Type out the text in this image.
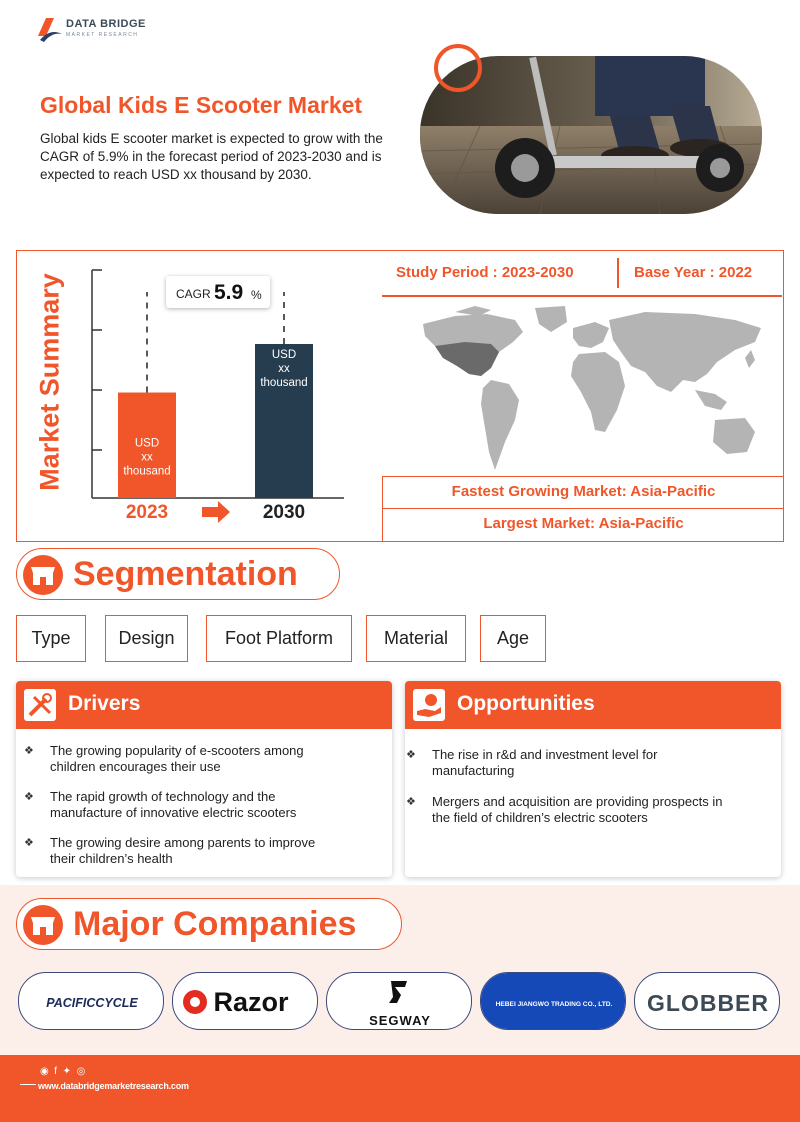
DATA BRIDGE
MARKET RESEARCH
Global Kids E Scooter Market
Global kids E scooter market is expected to grow with the CAGR of 5.9% in the forecast period of 2023-2030 and is expected to reach USD xx thousand by 2030.
Market Summary	USD
xx
thousand
2023
USD
xx
thousand
2030
CAGR 5.9 %
Study Period : 2023-2030	Base Year : 2022
Fastest Growing Market: Asia-Pacific
Largest Market: Asia-Pacific
Segmentation
Type	Design	Foot Platform	Material	Age
Drivers
❖ The growing popularity of e-scooters among
children encourages their use
❖ The rapid growth of technology and the
manufacture of innovative electric scooters
❖ The growing desire among parents to improve
their children’s health
Opportunities
❖ The rise in r&d and investment level for
manufacturing
❖ Mergers and acquisition are providing prospects in
the field of children’s electric scooters
Major Companies
PACIFICCYCLE	Razor
SEGWAY
HEBEI JIANGWO TRADING CO., LTD. GLOBBER
◉ f ✦ ◎
www.databridgemarketresearch.com
